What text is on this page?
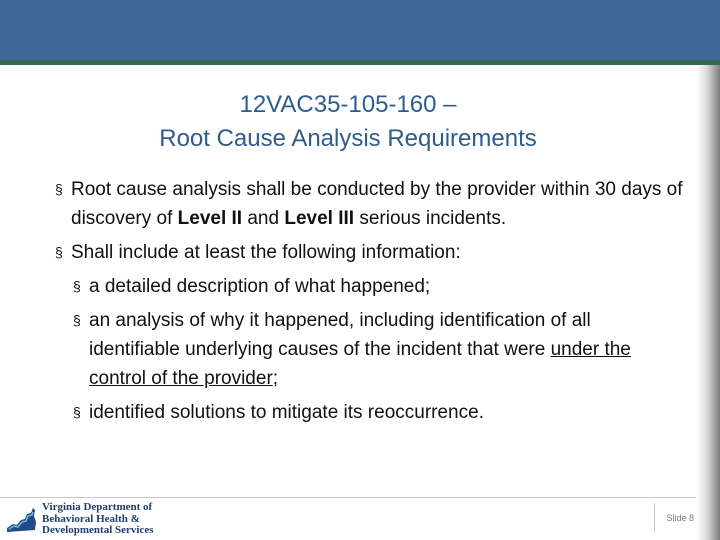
12VAC35-105-160 –
Root Cause Analysis Requirements
§ Root cause analysis shall be conducted by the provider within 30 days of discovery of Level II and Level III serious incidents.
§ Shall include at least the following information:
§ a detailed description of what happened;
§ an analysis of why it happened, including identification of all identifiable underlying causes of the incident that were under the control of the provider;
§ identified solutions to mitigate its reoccurrence.
Virginia Department of
Behavioral Health &
Developmental Services
Slide 8
